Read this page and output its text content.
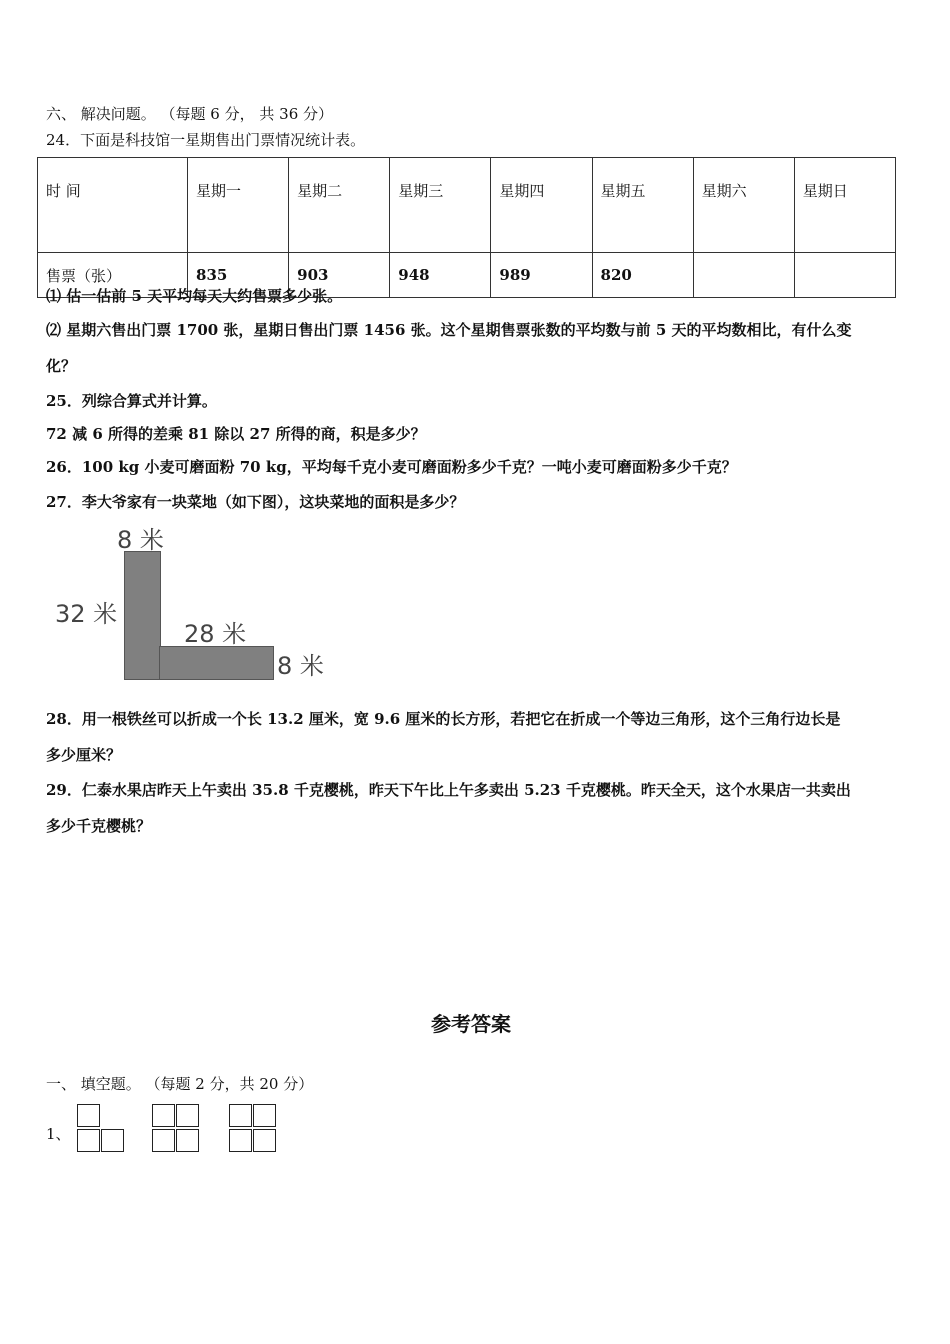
六、 解决问题。 （每题 6 分， 共 36 分）
24．下面是科技馆一星期售出门票情况统计表。
时 间	星期一	星期二	星期三	星期四	星期五	星期六	星期日
售票（张）	835	903	948	989	820		
⑴ 估一估前 5 天平均每天大约售票多少张。
⑵ 星期六售出门票 1700 张，星期日售出门票 1456 张。这个星期售票张数的平均数与前 5 天的平均数相比，有什么变
化？
25．列综合算式并计算。
72 减 6 所得的差乘 81 除以 27 所得的商，积是多少？
26．100 kg 小麦可磨面粉 70 kg，平均每千克小麦可磨面粉多少千克？一吨小麦可磨面粉多少千克？
27．李大爷家有一块菜地（如下图），这块菜地的面积是多少？
8 米
32 米
28 米
8 米
28．用一根铁丝可以折成一个长 13.2 厘米，宽 9.6 厘米的长方形，若把它在折成一个等边三角形，这个三角行边长是
多少厘米？
29．仁泰水果店昨天上午卖出 35.8 千克樱桃，昨天下午比上午多卖出 5.23 千克樱桃。昨天全天，这个水果店一共卖出
多少千克樱桃？
参考答案
一、 填空题。 （每题 2 分，共 20 分）
1、
